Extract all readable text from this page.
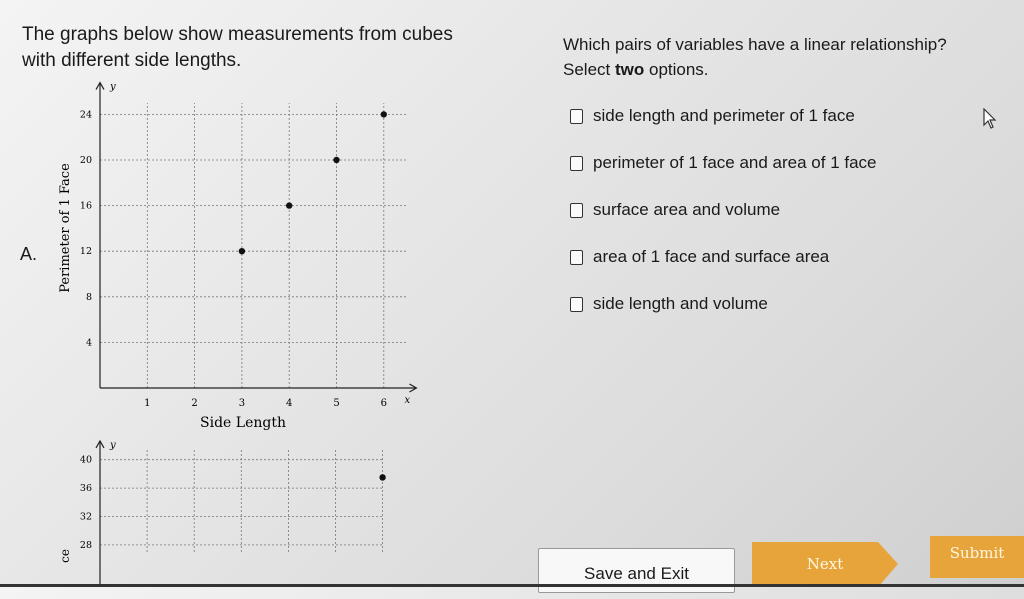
The graphs below show measurements from cubes
with different side lengths.
Which pairs of variables have a linear relationship?
Select two options.
side length and perimeter of 1 face
perimeter of 1 face and area of 1 face
surface area and volume
area of 1 face and surface area
side length and volume
A.
y
x
1	2	3	4	5	6
4
8
12
16
20
24
Side Length
Perimeter of 1 Face
y
28
32
36
40
ce
Save and Exit	Next
Submit
